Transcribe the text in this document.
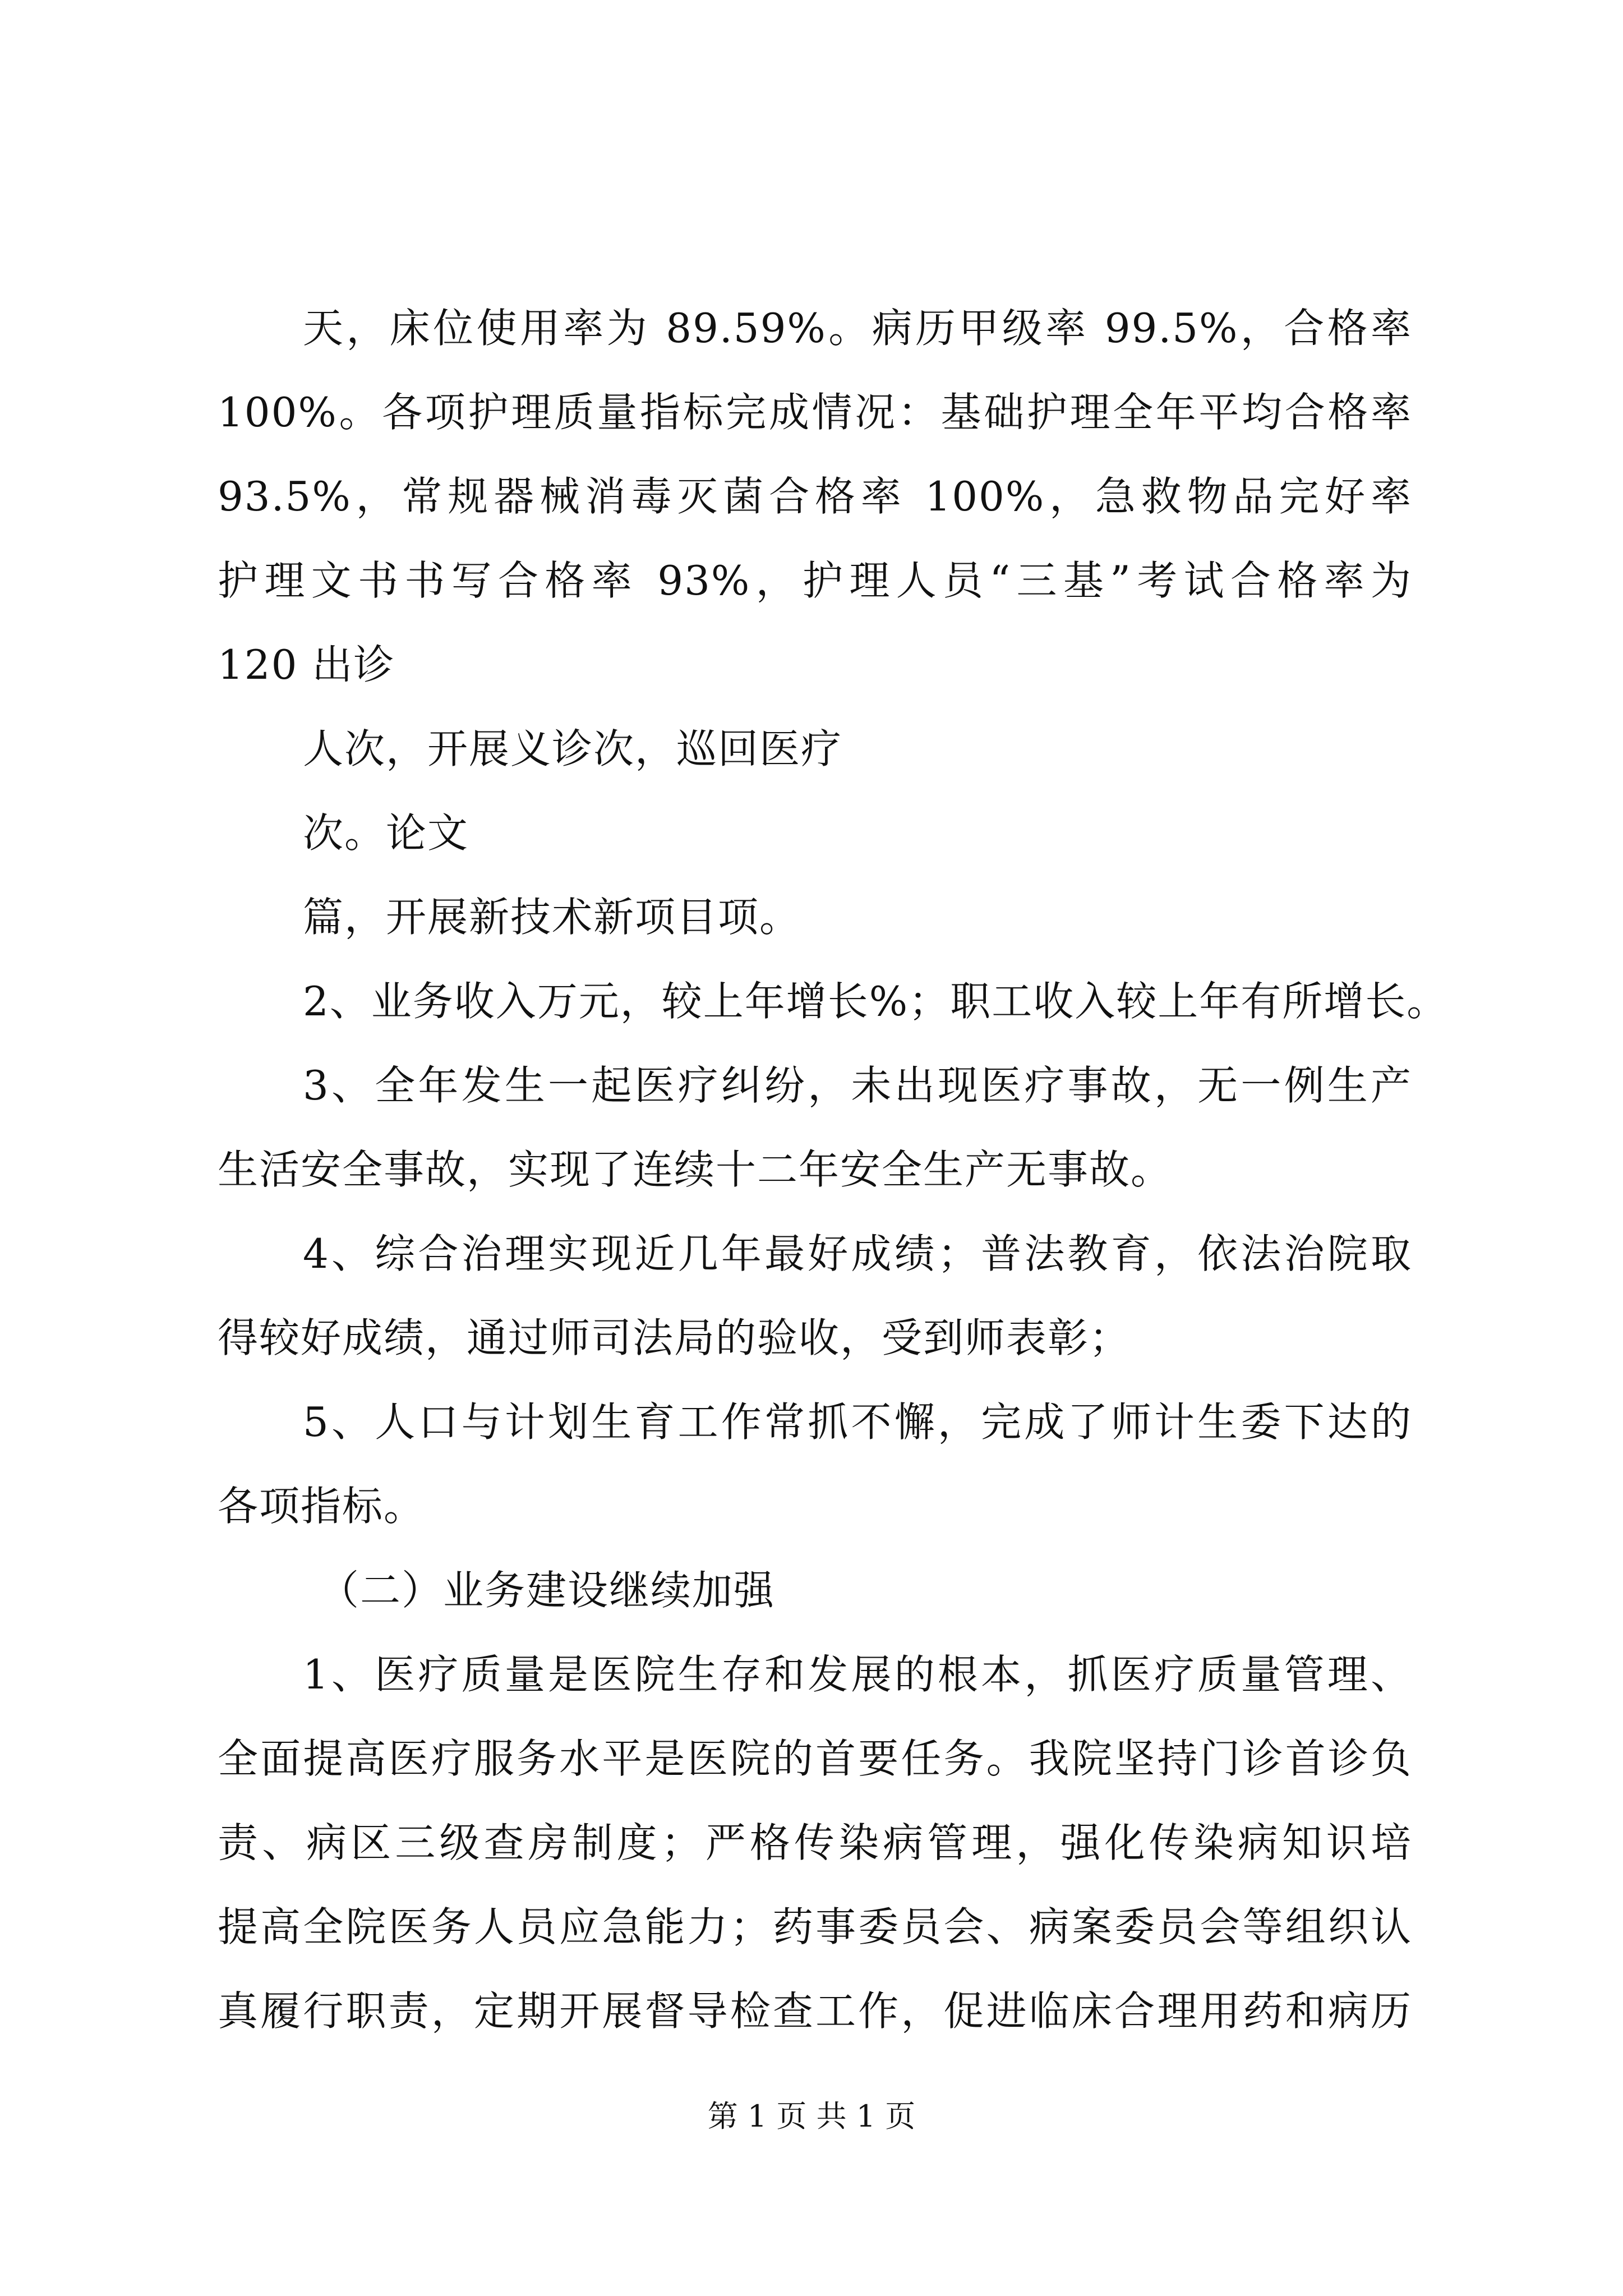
天，床位使用率为 89.59%。病历甲级率 99.5%，合格率
100%。各项护理质量指标完成情况：基础护理全年平均合格率
93.5%，常规器械消毒灭菌合格率 100%，急救物品完好率
护理文书书写合格率 93%，护理人员“三基”考试合格率为
120 出诊
人次，开展义诊次，巡回医疗
次。论文
篇，开展新技术新项目项。
2、业务收入万元，较上年增长%；职工收入较上年有所增长。
3、全年发生一起医疗纠纷，未出现医疗事故，无一例生产
生活安全事故，实现了连续十二年安全生产无事故。
4、综合治理实现近几年最好成绩；普法教育，依法治院取
得较好成绩，通过师司法局的验收，受到师表彰；
5、人口与计划生育工作常抓不懈，完成了师计生委下达的
各项指标。
（二）业务建设继续加强
1、医疗质量是医院生存和发展的根本，抓医疗质量管理、
全面提高医疗服务水平是医院的首要任务。我院坚持门诊首诊负
责、病区三级查房制度；严格传染病管理，强化传染病知识培
提高全院医务人员应急能力；药事委员会、病案委员会等组织认
真履行职责，定期开展督导检查工作，促进临床合理用药和病历
第 1 页 共 1 页
